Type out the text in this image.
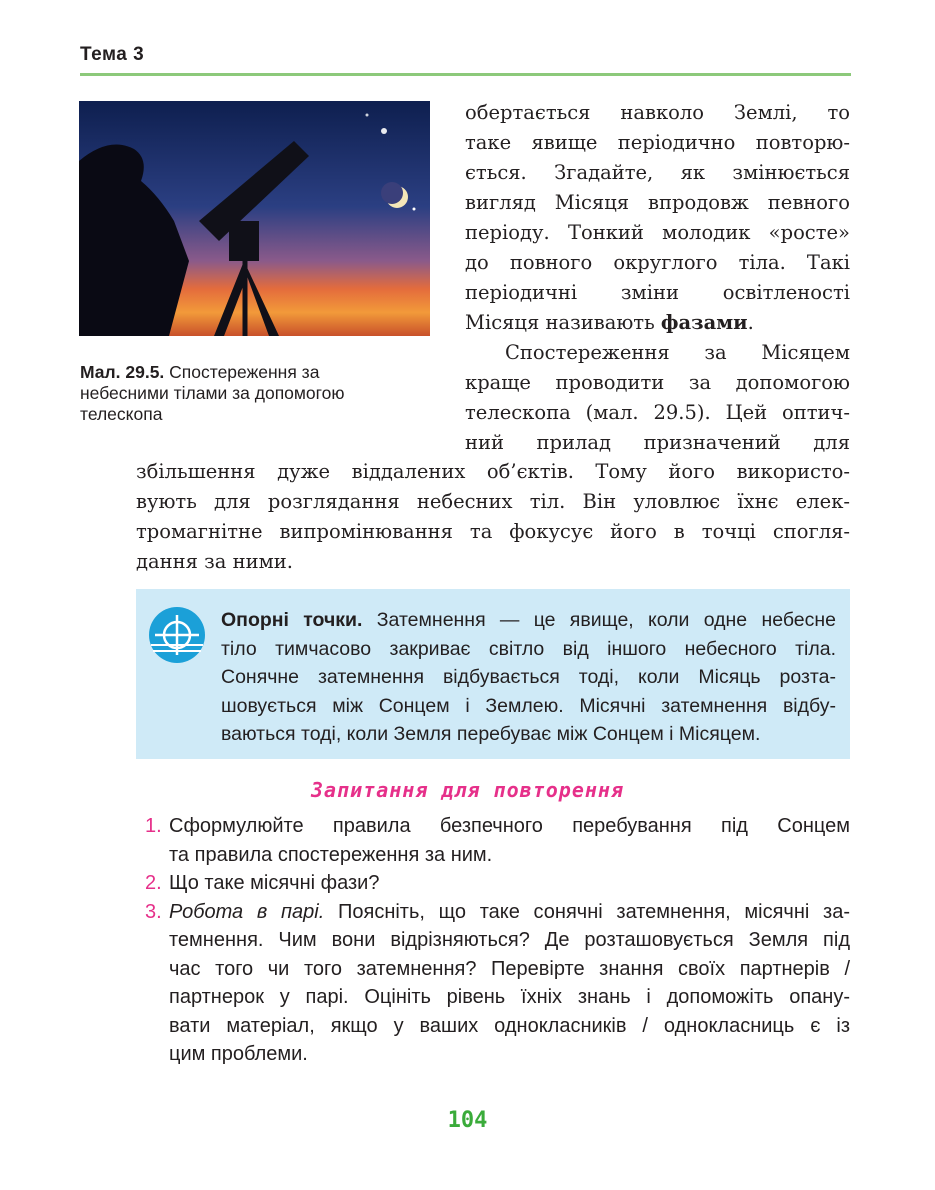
Тема 3
Мал. 29.5. Спостереження за
небесними тілами за допомогою
телескопа
обертається навколо Землі, то
таке явище періодично повторю-
ється. Згадайте, як змінюється
вигляд Місяця впродовж певного
періоду. Тонкий молодик «росте»
до повного округлого тіла. Такі
періодичні зміни освітленості
Місяця називають фазами.
Спостереження за Місяцем
краще проводити за допомогою
телескопа (мал. 29.5). Цей оптич-
ний прилад призначений для
збільшення дуже віддалених об’єктів. Тому його використо-
вують для розглядання небесних тіл. Він уловлює їхнє елек-
тромагнітне випромінювання та фокусує його в точці спогля-
дання за ними.
Опорні точки. Затемнення — це явище, коли одне небесне
тіло тимчасово закриває світло від іншого небесного тіла.
Сонячне затемнення відбувається тоді, коли Місяць розта-
шовується між Сонцем і Землею. Місячні затемнення відбу-
ваються тоді, коли Земля перебуває між Сонцем і Місяцем.
Запитання для повторення
1. Сформулюйте правила безпечного перебування під Сонцем
та правила спостереження за ним.
2. Що таке місячні фази?
3. Робота в парі. Поясніть, що таке сонячні затемнення, місячні за-
темнення. Чим вони відрізняються? Де розташовується Земля під
час того чи того затемнення? Перевірте знання своїх партнерів /
партнерок у парі. Оцініть рівень їхніх знань і допоможіть опану-
вати матеріал, якщо у ваших однокласників / однокласниць є із
цим проблеми.
104
